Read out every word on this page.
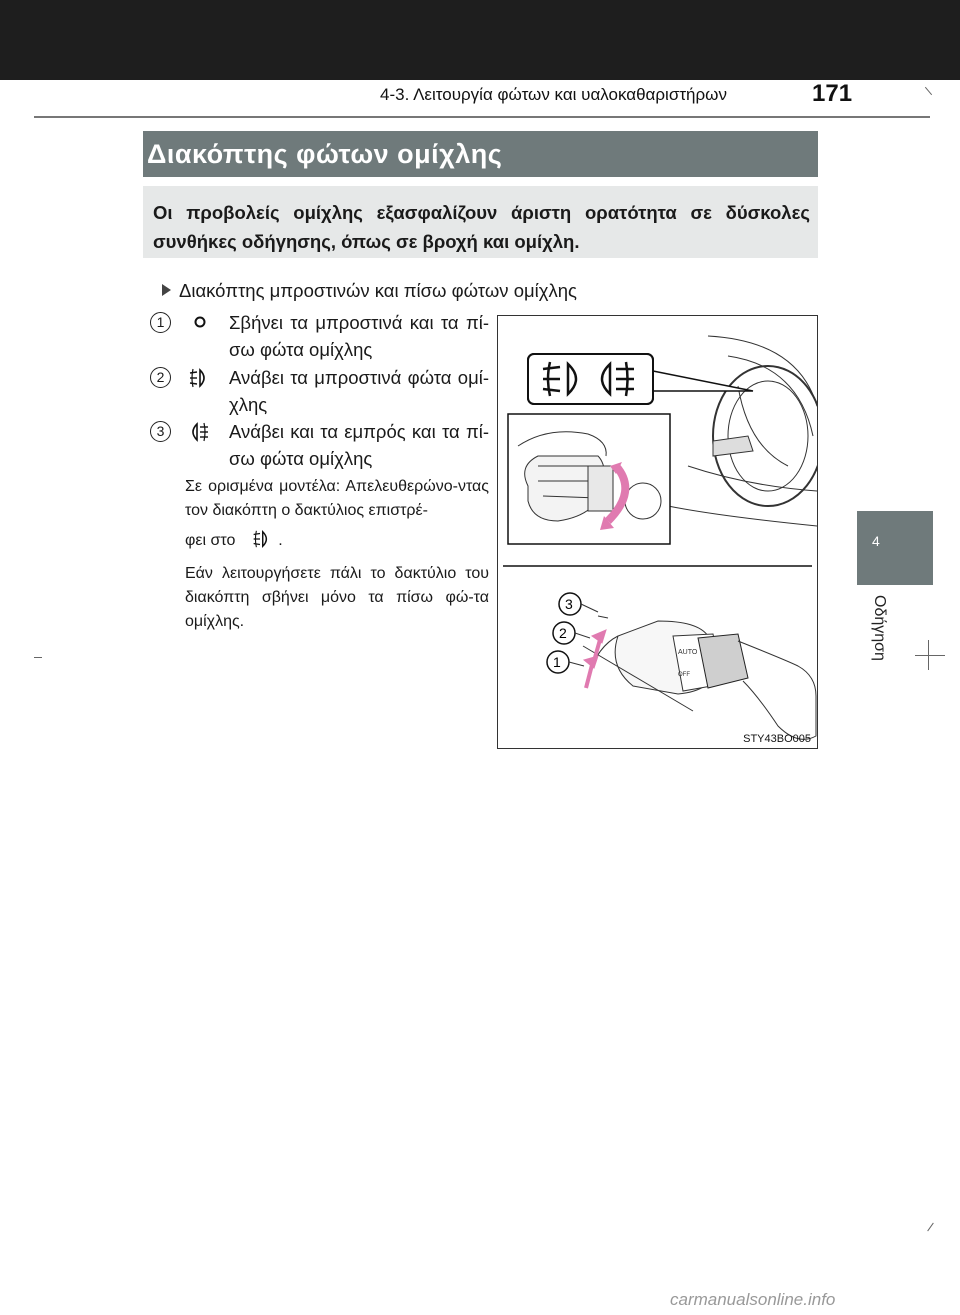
4-3. Λειτουργία φώτων και υαλοκαθαριστήρων	171
Διακόπτης φώτων ομίχλης
Οι προβολείς ομίχλης εξασφαλίζουν άριστη ορατότητα σε δύσκολες συνθήκες οδήγησης, όπως σε βροχή και ομίχλη.
Διακόπτης μπροστινών και πίσω φώτων ομίχλης
1	Σβήνει τα μπροστινά και τα πί-σω φώτα ομίχλης
2	Ανάβει τα μπροστινά φώτα ομί-χλης
3	Ανάβει και τα εμπρός και τα πί-σω φώτα ομίχλης
Σε ορισμένα μοντέλα: Απελευθερώνο-ντας τον διακόπτη ο δακτύλιος επιστρέ-
φει στο	.
Εάν λειτουργήσετε πάλι το δακτύλιο του διακόπτη σβήνει μόνο τα πίσω φώ-τα ομίχλης.
AUTO
OFF
3
2
1
STY43BO005
4
Οδήγηση
carmanualsonline.info
